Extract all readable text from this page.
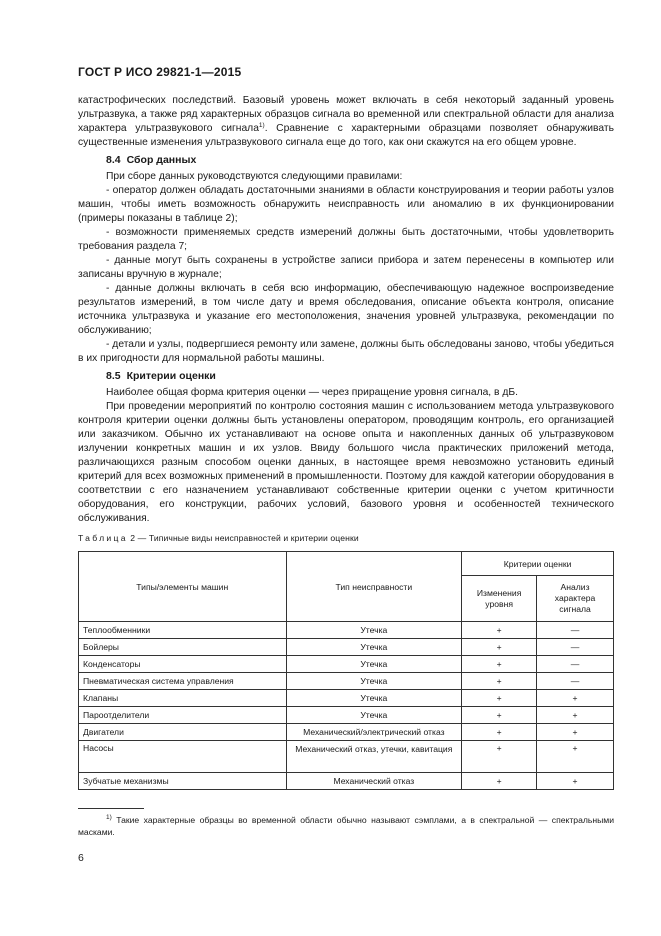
ГОСТ Р ИСО 29821-1—2015

катастрофических последствий. Базовый уровень может включать в себя некоторый заданный уровень ультразвука, а также ряд характерных образцов сигнала во временной или спектральной области для анализа характера ультразвукового сигнала$^{1)}$. Сравнение с характерными образцами позволяет обнаруживать существенные изменения ультразвукового сигнала еще до того, как они скажутся на его общем уровне.

8.4 Сбор данных

При сборе данных руководствуются следующими правилами:

- оператор должен обладать достаточными знаниями в области конструирования и теории работы узлов машин, чтобы иметь возможность обнаружить неисправность или аномалию в их функционировании (примеры показаны в таблице 2);

- возможности применяемых средств измерений должны быть достаточными, чтобы удовлетворить требования раздела 7;

- данные могут быть сохранены в устройстве записи прибора и затем перенесены в компьютер или записаны вручную в журнале;

- данные должны включать в себя всю информацию, обеспечивающую надежное воспроизведение результатов измерений, в том числе дату и время обследования, описание объекта контроля, описание источника ультразвука и указание его местоположения, значения уровней ультразвука, рекомендации по обслуживанию;

- детали и узлы, подвергшиеся ремонту или замене, должны быть обследованы заново, чтобы убедиться в их пригодности для нормальной работы машины.

8.5 Критерии оценки

Наиболее общая форма критерия оценки — через приращение уровня сигнала, в дБ.

При проведении мероприятий по контролю состояния машин с использованием метода ультразвукового контроля критерии оценки должны быть установлены оператором, проводящим контроль, его организацией или заказчиком. Обычно их устанавливают на основе опыта и накопленных данных об ультразвуковом излучении конкретных машин и их узлов. Ввиду большого числа практических приложений метода, различающихся разным способом оценки данных, в настоящее время невозможно установить единый критерий для всех возможных применений в промышленности. Поэтому для каждой категории оборудования в соответствии с его назначением устанавливают собственные критерии оценки с учетом критичности оборудования, его конструкции, рабочих условий, базового уровня и особенностей технического обслуживания.

Таблица 2 — Типичные виды неисправностей и критерии оценки
Типы/элементы машин	Тип неисправности	Критерии оценки	
		Изменения уровня	Анализ характера сигнала
Теплообменники	Утечка	+	—
Бойлеры	Утечка	+	—
Конденсаторы	Утечка	+	—
Пневматическая система управления	Утечка	+	—
Клапаны	Утечка	+	+
Пароотделители	Утечка	+	+
Двигатели	Механический/электрический отказ	+	+
Насосы	Механический отказ, утечки, кавитация	+	+
Зубчатые механизмы	Механический отказ	+	+
$^{1)}$ Такие характерные образцы во временной области обычно называют сэмплами, а в спектральной — спектральными масками.
6
